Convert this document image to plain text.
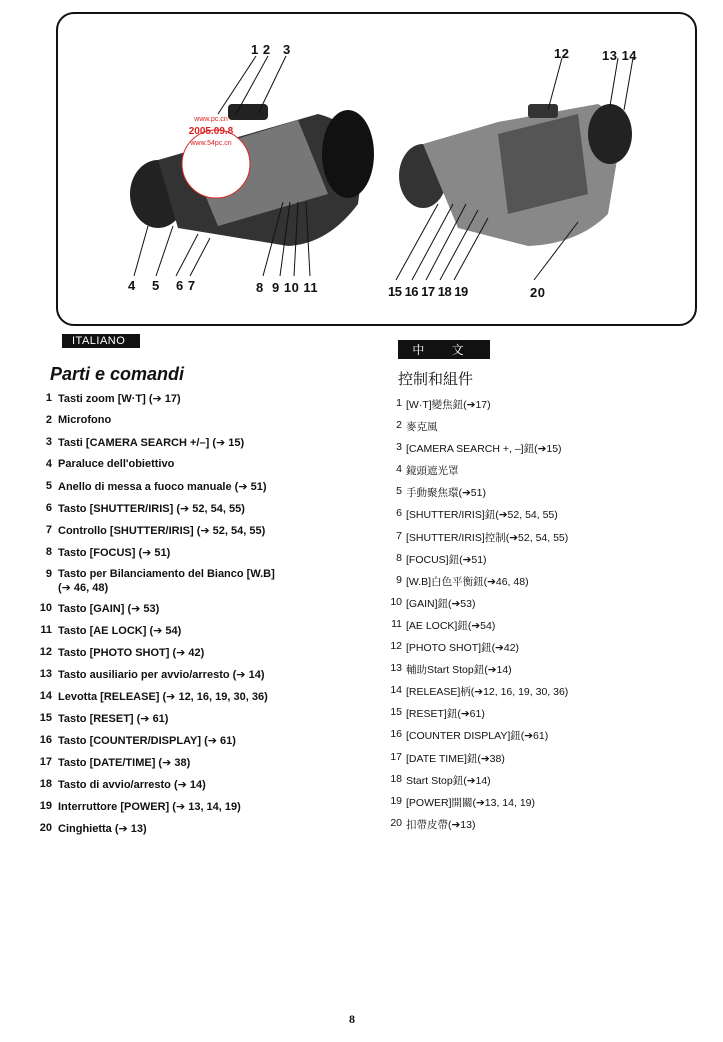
1 2 3
4 5 6 7	8 9 10 11
12	13 14
15 16 17 18 19	20
www.pc.cn
2005.09.8
www.54pc.cn
ITALIANO
Parti e comandi
1 Tasti zoom [W·T] (➔ 17)
2 Microfono
3 Tasti [CAMERA SEARCH +/–] (➔ 15)
4 Paraluce dell'obiettivo
5 Anello di messa a fuoco manuale (➔ 51)
6 Tasto [SHUTTER/IRIS] (➔ 52, 54, 55)
7 Controllo [SHUTTER/IRIS] (➔ 52, 54, 55)
8 Tasto [FOCUS] (➔ 51)
9 Tasto per Bilanciamento del Bianco [W.B]
(➔ 46, 48)
10 Tasto [GAIN] (➔ 53)
11 Tasto [AE LOCK] (➔ 54)
12 Tasto [PHOTO SHOT] (➔ 42)
13 Tasto ausiliario per avvio/arresto (➔ 14)
14 Levotta [RELEASE] (➔ 12, 16, 19, 30, 36)
15 Tasto [RESET] (➔ 61)
16 Tasto [COUNTER/DISPLAY] (➔ 61)
17 Tasto [DATE/TIME] (➔ 38)
18 Tasto di avvio/arresto (➔ 14)
19 Interruttore [POWER] (➔ 13, 14, 19)
20 Cinghietta (➔ 13)
中 文
控制和組件
1 [W·T]變焦鈕(➔17)
2 麥克風
3 [CAMERA SEARCH +, –]鈕(➔15)
4 鏡頭遮光罩
5 手動聚焦環(➔51)
6 [SHUTTER/IRIS]鈕(➔52, 54, 55)
7 [SHUTTER/IRIS]控制(➔52, 54, 55)
8 [FOCUS]鈕(➔51)
9 [W.B]白色平衡鈕(➔46, 48)
10 [GAIN]鈕(➔53)
11 [AE LOCK]鈕(➔54)
12 [PHOTO SHOT]鈕(➔42)
13 輔助Start Stop鈕(➔14)
14 [RELEASE]柄(➔12, 16, 19, 30, 36)
15 [RESET]鈕(➔61)
16 [COUNTER DISPLAY]鈕(➔61)
17 [DATE TIME]鈕(➔38)
18 Start Stop鈕(➔14)
19 [POWER]開關(➔13, 14, 19)
20 扣帶皮帶(➔13)
8
